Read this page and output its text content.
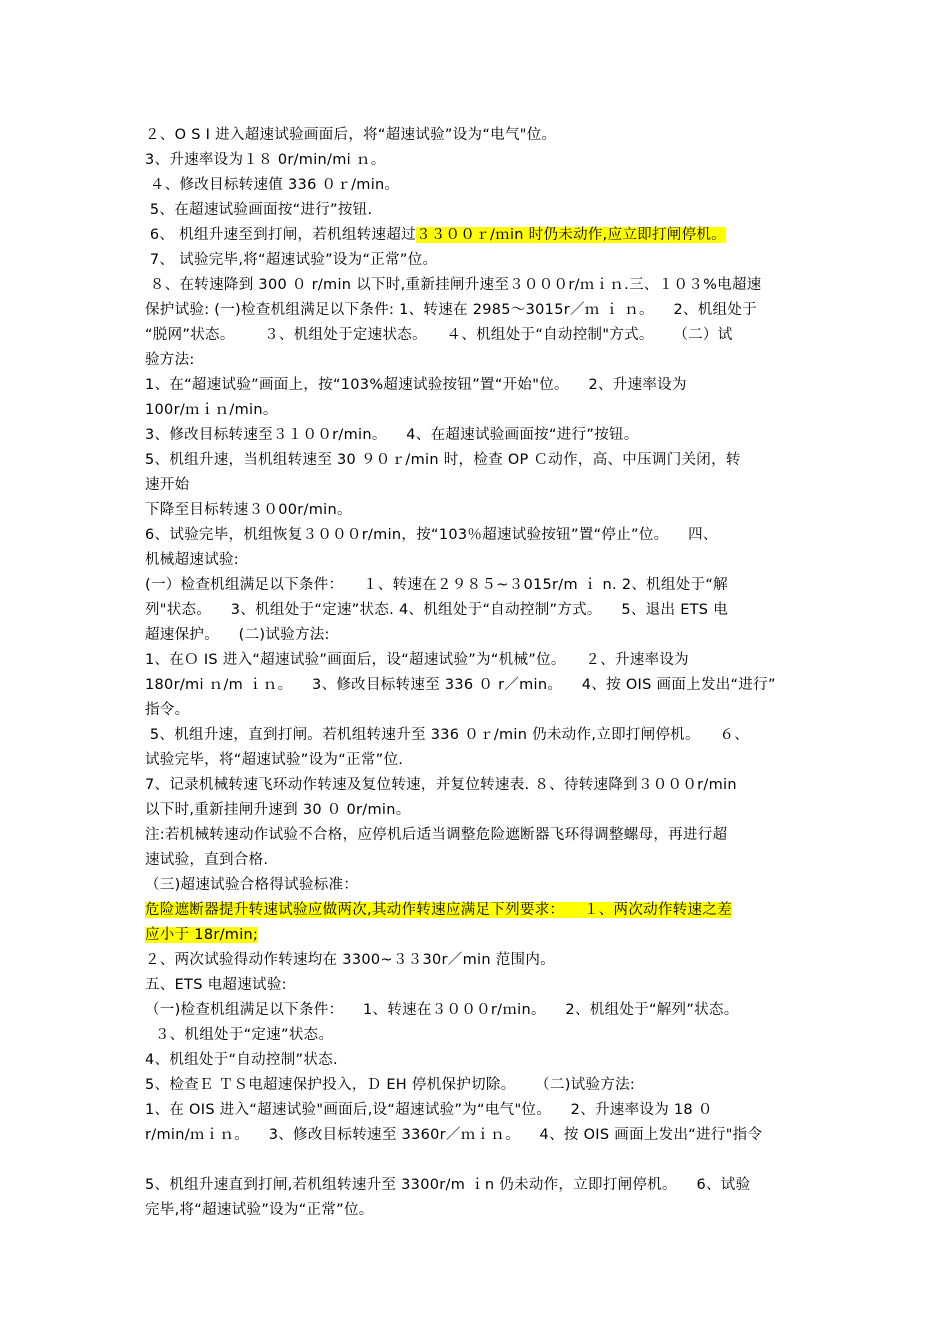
２、O S I 进入超速试验画面后，将“超速试验”设为“电气"位。
3、升速率设为１８ 0r/min/mi ｎ。
４、修改目标转速值 336 ０ｒ/min。
5、在超速试验画面按“进行”按钮.
6、 机组升速至到打闸，若机组转速超过３３００ｒ/ｍin 时仍未动作,应立即打闸停机。
7、 试验完毕,将“超速试验”设为“正常”位。
８、在转速降到 300 ０ r/min 以下时,重新挂闸升速至３０００r/ｍｉｎ.三、１０３%电超速
保护试验: (一)检查机组满足以下条件: 1、转速在 2985～3015r／ｍ ｉ ｎ。    2、机组处于
“脱网”状态。      ３、机组处于定速状态。    ４、机组处于“自动控制"方式。    （二）试
验方法:
1、在“超速试验”画面上，按“103%超速试验按钮”置“开始"位。    2、升速率设为
100r/ｍｉｎ/min。
3、修改目标转速至３１００r/min。    4、在超速试验画面按“进行”按钮。
5、机组升速，当机组转速至 30 ９０ｒ/min 时，检查 OP Ｃ动作，高、中压调门关闭，转
速开始
下降至目标转速３０00r/min。
6、试验完毕，机组恢复３０００r/min，按“103％超速试验按钮”置“停止”位。    四、
机械超速试验:
(一）检查机组满足以下条件：    １、转速在２９８５~３015r/m ｉ n. 2、机组处于“解
列"状态。    3、机组处于“定速”状态. 4、机组处于“自动控制”方式。    5、退出 ETS 电
超速保护。    (二)试验方法:
1、在Ｏ IS 进入“超速试验”画面后，设“超速试验”为“机械”位。    ２、升速率设为
180r/mi ｎ/m ｉｎ。    3、修改目标转速至 336 ０ r／min。    4、按 OIS 画面上发出“进行”
指令。
5、机组升速，直到打闸。若机组转速升至 336 ０ｒ/min 仍未动作,立即打闸停机。    ６、
试验完毕，将“超速试验”设为“正常”位.
7、记录机械转速飞环动作转速及复位转速，并复位转速表. ８、待转速降到３０００r/min
以下时,重新挂闸升速到 30 ０ 0r/min。
注:若机械转速动作试验不合格，应停机后适当调整危险遮断器飞环得调整螺母，再进行超
速试验，直到合格.
（三)超速试验合格得试验标准：
危险遮断器提升转速试验应做两次,其动作转速应满足下列要求：    １、两次动作转速之差
应小于 18r/min;
２、两次试验得动作转速均在 3300~３３30r／min 范围内。
五、ETS 电超速试验:
（一)检查机组满足以下条件：    1、转速在３０００r/ｍin。    2、机组处于“解列”状态。
３、机组处于“定速”状态。
4、机组处于“自动控制”状态.
5、检查Ｅ ＴＳ电超速保护投入，Ｄ EH 停机保护切除。    （二)试验方法:
1、在 OIS 进入“超速试验"画面后,设“超速试验”为“电气"位。    2、升速率设为 18 ０
r/min/ｍｉｎ。    3、修改目标转速至 3360r／ｍｉｎ。    4、按 OIS 画面上发出“进行"指令
5、机组升速直到打闸,若机组转速升至 3300r/m ｉn 仍未动作，立即打闸停机。    6、试验
完毕,将“超速试验”设为“正常”位。
